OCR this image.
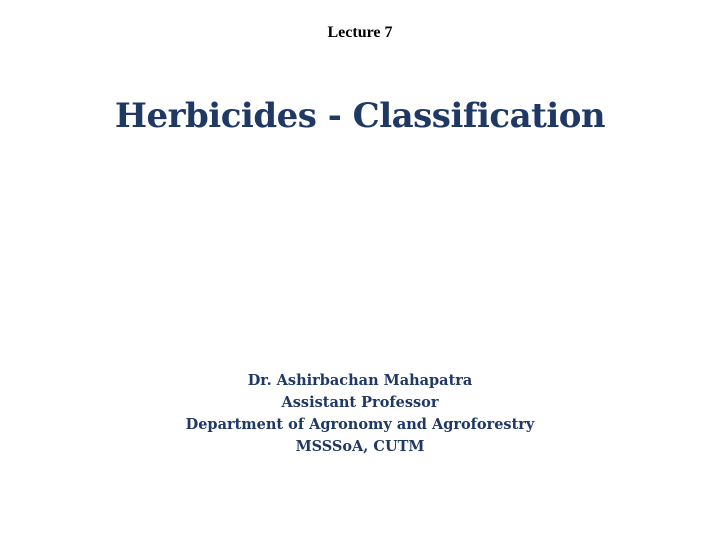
Lecture 7
Herbicides - Classification
Dr. Ashirbachan Mahapatra
Assistant Professor
Department of Agronomy and Agroforestry
MSSSoA, CUTM
